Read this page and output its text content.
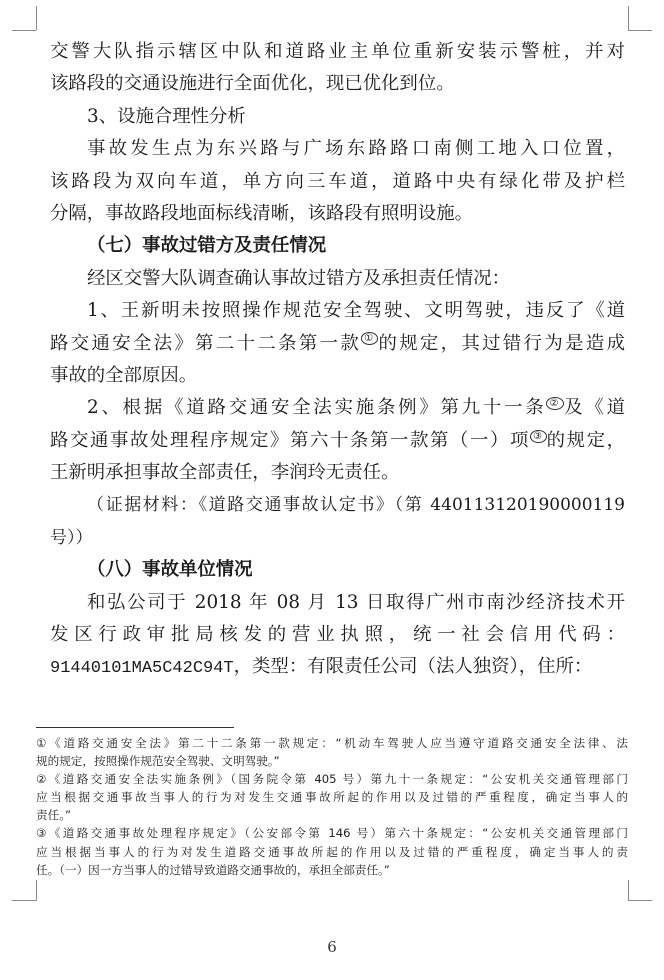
交警大队指示辖区中队和道路业主单位重新安装示警桩，并对
该路段的交通设施进行全面优化，现已优化到位。
3、设施合理性分析
事故发生点为东兴路与广场东路路口南侧工地入口位置，
该路段为双向车道，单方向三车道，道路中央有绿化带及护栏
分隔，事故路段地面标线清晰，该路段有照明设施。
（七）事故过错方及责任情况
经区交警大队调查确认事故过错方及承担责任情况：
1、王新明未按照操作规范安全驾驶、文明驾驶，违反了《道
路交通安全法》第二十二条第一款 ① 的规定，其过错行为是造成
事故的全部原因。
2、根据《道路交通安全法实施条例》第九十一条 ② 及《道
路交通事故处理程序规定》第六十条第一款第（一）项 ③ 的规定，
王新明承担事故全部责任，李润玲无责任。
（证据材料：《道路交通事故认定书》（第 440113120190000119
号））
（八）事故单位情况
和弘公司于 2018 年 08 月 13 日取得广州市南沙经济技术开
发区行政审批局核发的营业执照，统一社会信用代码：
91440101MA5C42C94T，类型：有限责任公司（法人独资），住所：
①《道路交通安全法》第二十二条第一款规定：“机动车驾驶人应当遵守道路交通安全法律、法
规的规定，按照操作规范安全驾驶、文明驾驶。”
②《道路交通安全法实施条例》（国务院令第 405 号）第九十一条规定：“公安机关交通管理部门
应当根据交通事故当事人的行为对发生交通事故所起的作用以及过错的严重程度，确定当事人的
责任。”
③《道路交通事故处理程序规定》（公安部令第 146 号）第六十条规定：“公安机关交通管理部门
应当根据当事人的行为对发生道路交通事故所起的作用以及过错的严重程度，确定当事人的责
任。（一）因一方当事人的过错导致道路交通事故的，承担全部责任。”
6
